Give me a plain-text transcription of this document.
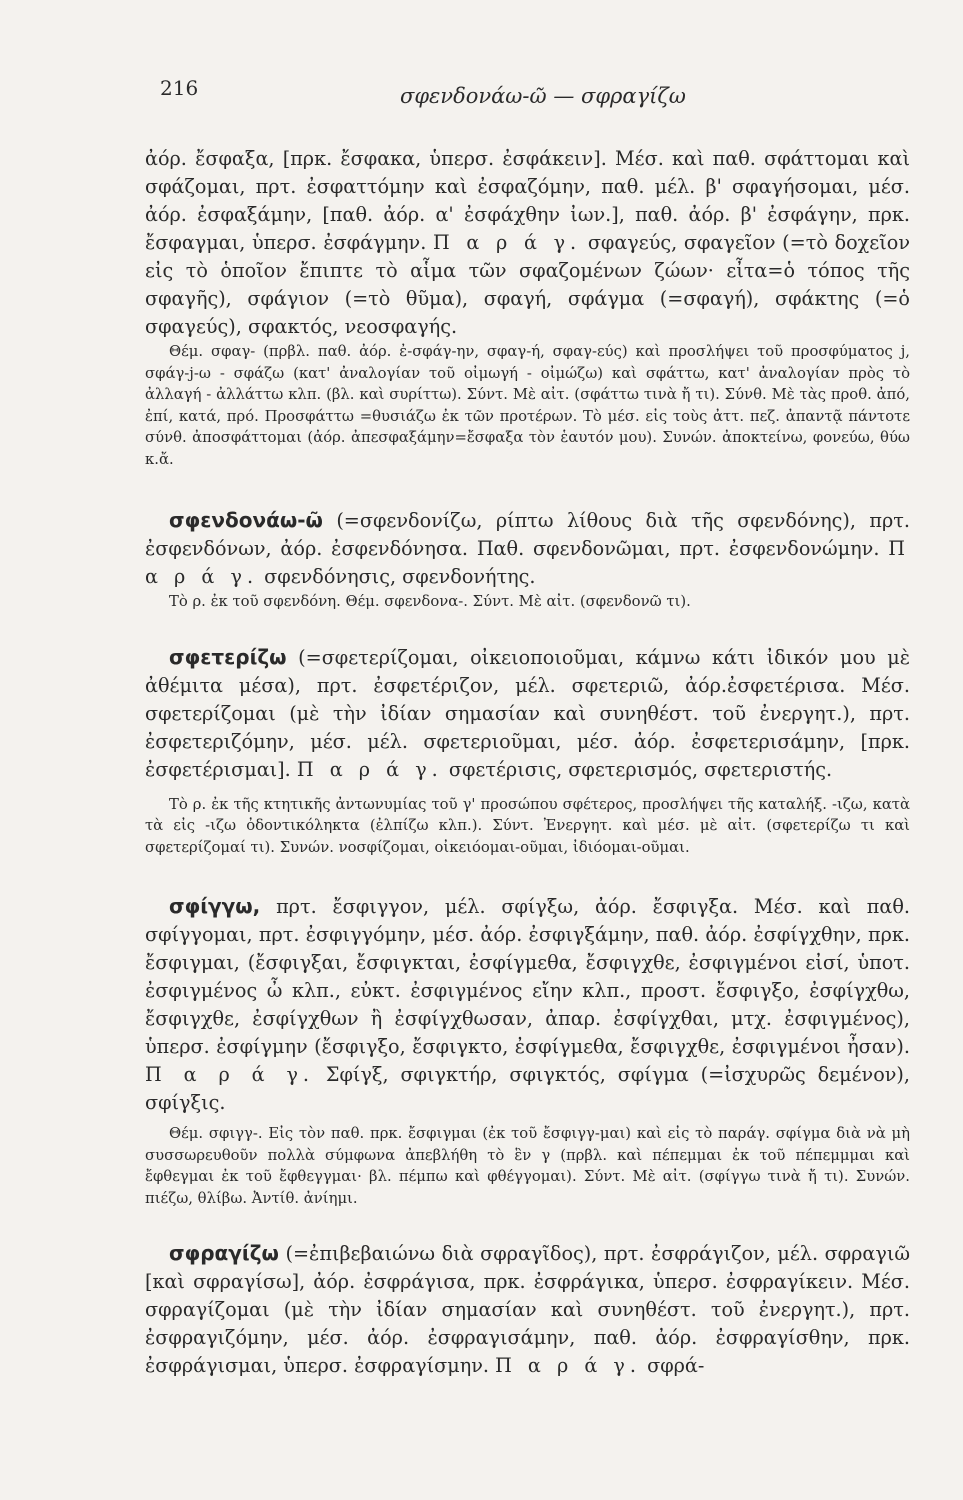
216	σφενδονάω-ῶ — σφραγίζω

ἀόρ. ἔσφαξα, [πρκ. ἔσφακα, ὑπερσ. ἐσφάκειν]. Μέσ. καὶ παθ. σφάττομαι καὶ σφάζομαι, πρτ. ἐσφαττόμην καὶ ἐσφαζόμην, παθ. μέλ. β' σφαγήσομαι, μέσ. ἀόρ. ἐσφαξάμην, [παθ. ἀόρ. α' ἐσφάχθην ἰων.], παθ. ἀόρ. β' ἐσφάγην, πρκ. ἔσφαγμαι, ὑπερσ. ἐσφάγμην. Π α ρ ά γ. σφαγεύς, σφαγεῖον (=τὸ δοχεῖον εἰς τὸ ὁποῖον ἔπιπτε τὸ αἷμα τῶν σφαζομένων ζώων· εἶτα=ὁ τόπος τῆς σφαγῆς), σφάγιον (=τὸ θῦμα), σφαγή, σφάγμα (=σφαγή), σφάκτης (=ὁ σφαγεύς), σφακτός, νεοσφαγής.

Θέμ. σφαγ- (πρβλ. παθ. ἀόρ. ἐ-σφάγ-ην, σφαγ-ή, σφαγ-εύς) καὶ προσλήψει τοῦ προσφύματος j, σφάγ-j-ω - σφάζω (κατ' ἀναλογίαν τοῦ οἰμωγή - οἰμώζω) καὶ σφάττω, κατ' ἀναλογίαν πρὸς τὸ ἀλλαγή - ἀλλάττω κλπ. (βλ. καὶ συρίττω). Σύντ. Μὲ αἰτ. (σφάττω τινὰ ἤ τι). Σύνθ. Μὲ τὰς προθ. ἀπό, ἐπί, κατά, πρό. Προσφάττω =θυσιάζω ἐκ τῶν προτέρων. Τὸ μέσ. εἰς τοὺς ἀττ. πεζ. ἀπαντᾷ πάντοτε σύνθ. ἀποσφάττομαι (ἀόρ. ἀπεσφαξάμην=ἔσφαξα τὸν ἑαυτόν μου). Συνών. ἀποκτείνω, φονεύω, θύω κ.ἄ.

σφενδονάω-ῶ (=σφενδονίζω, ρίπτω λίθους διὰ τῆς σφενδόνης), πρτ. ἐσφενδόνων, ἀόρ. ἐσφενδόνησα. Παθ. σφενδονῶμαι, πρτ. ἐσφενδονώμην. Π α ρ ά γ. σφενδόνησις, σφενδονήτης.

Τὸ ρ. ἐκ τοῦ σφενδόνη. Θέμ. σφενδονα-. Σύντ. Μὲ αἰτ. (σφενδονῶ τι).

σφετερίζω (=σφετερίζομαι, οἰκειοποιοῦμαι, κάμνω κάτι ἰδικόν μου μὲ ἀθέμιτα μέσα), πρτ. ἐσφετέριζον, μέλ. σφετεριῶ, ἀόρ.ἐσφετέρισα. Μέσ. σφετερίζομαι (μὲ τὴν ἰδίαν σημασίαν καὶ συνηθέστ. τοῦ ἐνεργητ.), πρτ. ἐσφετεριζόμην, μέσ. μέλ. σφετεριοῦμαι, μέσ. ἀόρ. ἐσφετερισάμην, [πρκ. ἐσφετέρισμαι]. Π α ρ ά γ. σφετέρισις, σφετερισμός, σφετεριστής.

Τὸ ρ. ἐκ τῆς κτητικῆς ἀντωνυμίας τοῦ γ' προσώπου σφέτερος, προσλήψει τῆς καταλήξ. -ιζω, κατὰ τὰ εἰς -ιζω ὀδοντικόληκτα (ἐλπίζω κλπ.). Σύντ. Ἐνεργητ. καὶ μέσ. μὲ αἰτ. (σφετερίζω τι καὶ σφετερίζομαί τι). Συνών. νοσφίζομαι, οἰκειόομαι-οῦμαι, ἰδιόομαι-οῦμαι.

σφίγγω, πρτ. ἔσφιγγον, μέλ. σφίγξω, ἀόρ. ἔσφιγξα. Μέσ. καὶ παθ. σφίγγομαι, πρτ. ἐσφιγγόμην, μέσ. ἀόρ. ἐσφιγξάμην, παθ. ἀόρ. ἐσφίγχθην, πρκ. ἔσφιγμαι, (ἔσφιγξαι, ἔσφιγκται, ἐσφίγμεθα, ἔσφιγχθε, ἐσφιγμένοι εἰσί, ὑποτ. ἐσφιγμένος ὦ κλπ., εὐκτ. ἐσφιγμένος εἴην κλπ., προστ. ἔσφιγξο, ἐσφίγχθω, ἔσφιγχθε, ἐσφίγχθων ἢ ἐσφίγχθωσαν, ἀπαρ. ἐσφίγχθαι, μτχ. ἐσφιγμένος), ὑπερσ. ἐσφίγμην (ἔσφιγξο, ἔσφιγκτο, ἐσφίγμεθα, ἔσφιγχθε, ἐσφιγμένοι ἦσαν). Π α ρ ά γ. Σφίγξ, σφιγκτήρ, σφιγκτός, σφίγμα (=ἰσχυρῶς δεμένον), σφίγξις.

Θέμ. σφιγγ-. Εἰς τὸν παθ. πρκ. ἔσφιγμαι (ἐκ τοῦ ἔσφιγγ-μαι) καὶ εἰς τὸ παράγ. σφίγμα διὰ νὰ μὴ συσσωρευθοῦν πολλὰ σύμφωνα ἀπεβλήθη τὸ ἓν γ (πρβλ. καὶ πέπεμμαι ἐκ τοῦ πέπεμμμαι καὶ ἔφθεγμαι ἐκ τοῦ ἔφθεγγμαι· βλ. πέμπω καὶ φθέγγομαι). Σύντ. Μὲ αἰτ. (σφίγγω τινὰ ἤ τι). Συνών. πιέζω, θλίβω. Ἀντίθ. ἀνίημι.

σφραγίζω (=ἐπιβεβαιώνω διὰ σφραγῖδος), πρτ. ἐσφράγιζον, μέλ. σφραγιῶ [καὶ σφραγίσω], ἀόρ. ἐσφράγισα, πρκ. ἐσφράγικα, ὑπερσ. ἐσφραγίκειν. Μέσ. σφραγίζομαι (μὲ τὴν ἰδίαν σημασίαν καὶ συνηθέστ. τοῦ ἐνεργητ.), πρτ. ἐσφραγιζόμην, μέσ. ἀόρ. ἐσφραγισάμην, παθ. ἀόρ. ἐσφραγίσθην, πρκ. ἐσφράγισμαι, ὑπερσ. ἐσφραγίσμην. Π α ρ ά γ. σφρά-
